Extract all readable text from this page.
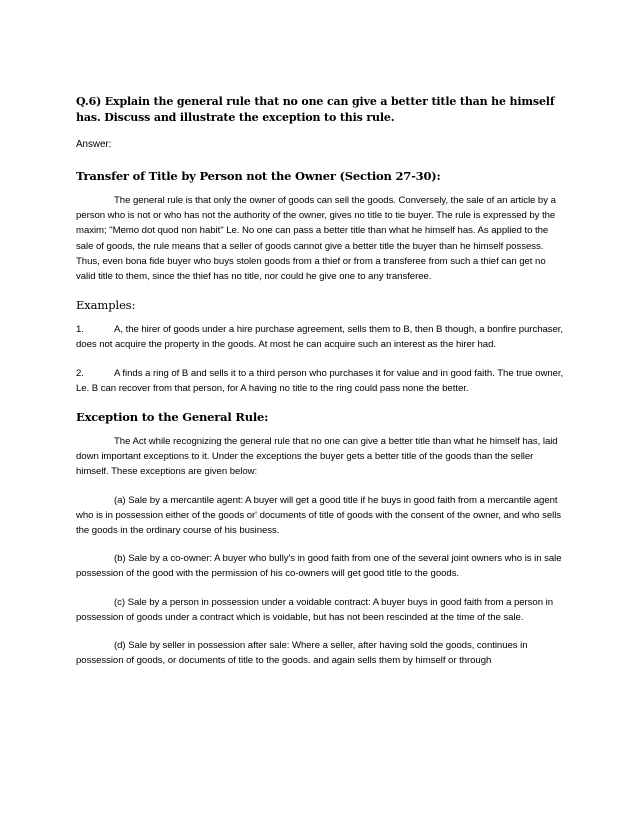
Q.6) Explain the general rule that no one can give a better title than he himself has. Discuss and illustrate the exception to this rule.

Answer:

Transfer of Title by Person not the Owner (Section 27-30):

The general rule is that only the owner of goods can sell the goods. Conversely, the sale of an article by a person who is not or who has not the authority of the owner, gives no title to tie buyer. The rule is expressed by the maxim; "Memo dot quod non habit" Le. No one can pass a better title than what he himself has. As applied to the sale of goods, the rule means that a seller of goods cannot give a better title the buyer than he himself possess. Thus, even bona fide buyer who buys stolen goods from a thief or from a transferee from such a thief can get no valid title to them, since the thief has no title, nor could he give one to any transferee.

Examples:

1.	A, the hirer of goods under a hire purchase agreement, sells them to B, then B though, a bonfire purchaser, does not acquire the property in the goods. At most he can acquire such an interest as the hirer had.

2.	A finds a ring of B and sells it to a third person who purchases it for value and in good faith. The true owner, Le. B can recover from that person, for A having no title to the ring could pass none the better.

Exception to the General Rule:

The Act while recognizing the general rule that no one can give a better title than what he himself has, laid down important exceptions to it. Under the exceptions the buyer gets a better title of the goods than the seller himself. These exceptions are given below:

(a) Sale by a mercantile agent: A buyer will get a good title if he buys in good faith from a mercantile agent who is in possession either of the goods or' documents of title of goods with the consent of the owner, and who sells the goods in the ordinary course of his business.

(b) Sale by a co-owner: A buyer who bully's in good faith from one of the several joint owners who is in sale possession of the good with the permission of his co-owners will get good title to the goods.

(c) Sale by a person in possession under a voidable contract: A buyer buys in good faith from a person in possession of goods under a contract which is voidable, but has not been rescinded at the time of the sale.

(d) Sale by seller in possession after sale: Where a seller, after having sold the goods, continues in possession of goods, or documents of title to the goods. and again sells them by himself or through
